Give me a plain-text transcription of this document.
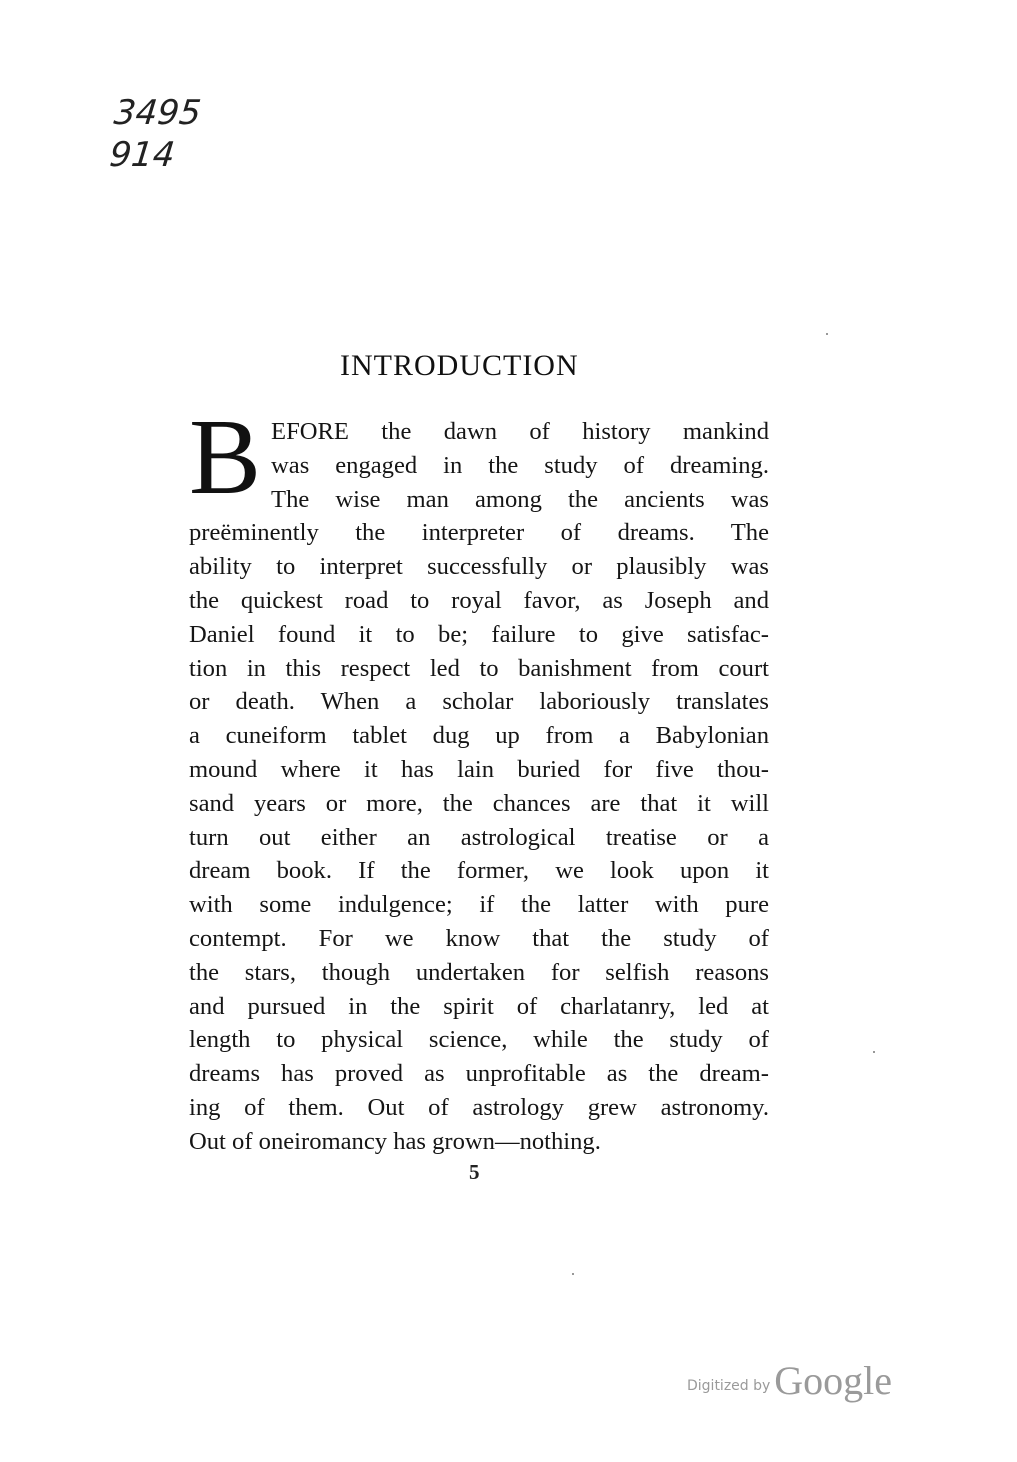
3495
914
INTRODUCTION
B EFORE the dawn of history mankind
was engaged in the study of dreaming.
The wise man among the ancients was
preëminently the interpreter of dreams. The
ability to interpret successfully or plausibly was
the quickest road to royal favor, as Joseph and
Daniel found it to be; failure to give satisfac-
tion in this respect led to banishment from court
or death. When a scholar laboriously translates
a cuneiform tablet dug up from a Babylonian
mound where it has lain buried for five thou-
sand years or more, the chances are that it will
turn out either an astrological treatise or a
dream book. If the former, we look upon it
with some indulgence; if the latter with pure
contempt. For we know that the study of
the stars, though undertaken for selfish reasons
and pursued in the spirit of charlatanry, led at
length to physical science, while the study of
dreams has proved as unprofitable as the dream-
ing of them. Out of astrology grew astronomy.
Out of oneiromancy has grown—nothing.
5
Digitized by Google
